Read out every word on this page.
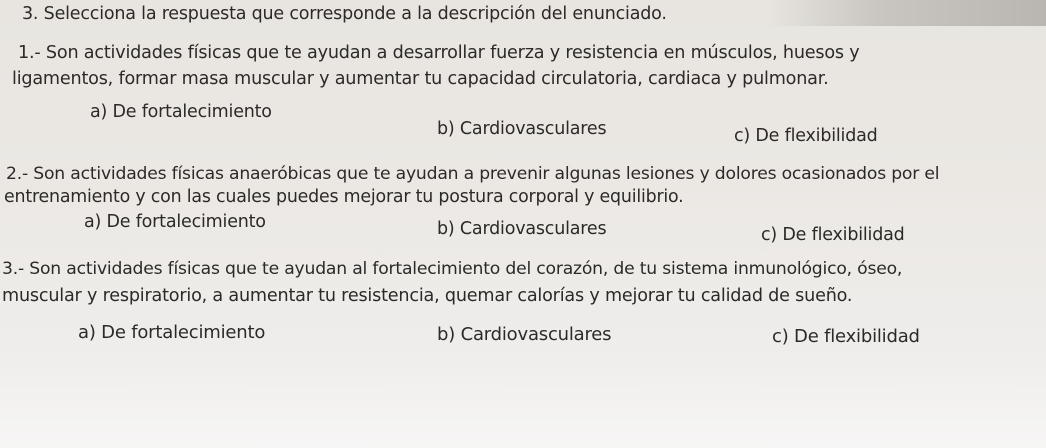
3. Selecciona la respuesta que corresponde a la descripción del enunciado.
1.- Son actividades físicas que te ayudan a desarrollar fuerza y resistencia en músculos, huesos y
ligamentos, formar masa muscular y aumentar tu capacidad circulatoria, cardiaca y pulmonar.
a) De fortalecimiento
b) Cardiovasculares	c) De flexibilidad
2.- Son actividades físicas anaeróbicas que te ayudan a prevenir algunas lesiones y dolores ocasionados por el
entrenamiento y con las cuales puedes mejorar tu postura corporal y equilibrio.
a) De fortalecimiento	b) Cardiovasculares	c) De flexibilidad
3.- Son actividades físicas que te ayudan al fortalecimiento del corazón, de tu sistema inmunológico, óseo,
muscular y respiratorio, a aumentar tu resistencia, quemar calorías y mejorar tu calidad de sueño.
a) De fortalecimiento	b) Cardiovasculares	c) De flexibilidad
